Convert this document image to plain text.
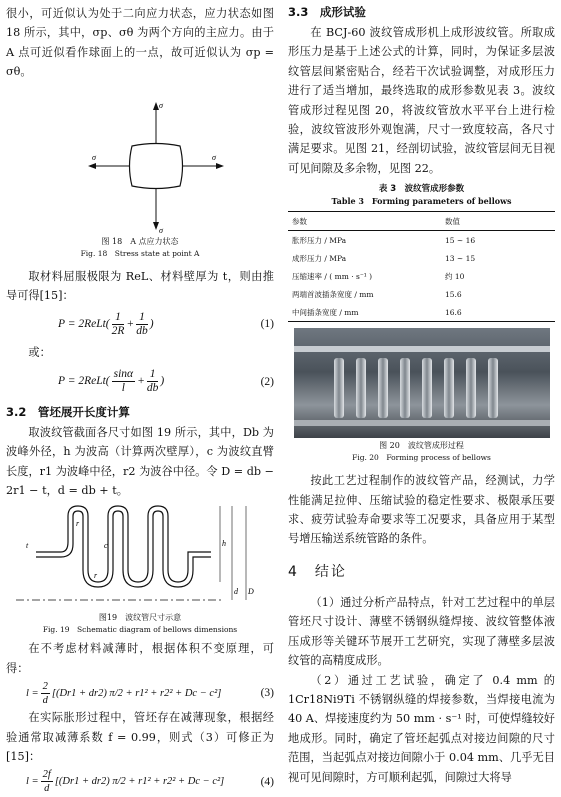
很小，可近似认为处于二向应力状态，应力状态如图 18 所示，其中，σp、σθ 为两个方向的主应力。由于 A 点可近似看作球面上的一点，故可近似认为 σp = σθ。

σ
σ
σ	σ
图 18　A 点应力状态
Fig. 18　Stress state at point A

取材料屈服极限为 ReL、材料壁厚为 t，则由推导可得[15]：

P = 2ReLt( $\frac{1}{2R} + \frac{1}{db}$ )	(1)

或：

P = 2ReLt( $\frac{\sin\alpha}{l} + \frac{1}{db}$ )	(2)
3.2　管坯展开长度计算

取波纹管截面各尺寸如图 19 所示，其中，Db 为波峰外径，h 为波高（计算两次壁厚），c 为波纹直臂长度，r1 为波峰中径，r2 为波谷中径。令 D = db − 2r1 − t，d = db + t。

t
r
c
r
h
d D
图19　波纹管尺寸示意
Fig. 19　Schematic diagram of bellows dimensions

在不考虑材料减薄时，根据体积不变原理，可得：

$l = \frac{2}{d} [(Dr1 + dr2) \pi/2 + r1^2 + r2^2 + Dc - c^2]$	(3)

在实际胀形过程中，管坯存在减薄现象，根据经验通常取减薄系数 f = 0.99，则式（3）可修正为[15]：

$l = \frac{2f}{d} [(Dr1 + dr2) \pi/2 + r1^2 + r2^2 + Dc - c^2]$	(4)
3.3　成形试验

在 BCJ-60 波纹管成形机上成形波纹管。所取成形压力是基于上述公式的计算，同时，为保证多层波纹管层间紧密贴合，经若干次试验调整，对成形压力进行了适当增加，最终选取的成形参数见表 3。波纹管成形过程见图 20，将波纹管放水平平台上进行检验，波纹管波形外观饱满，尺寸一致度较高，各尺寸满足要求。见图 21，经剖切试验，波纹管层间无目视可见间隙及多余物，见图 22。

表 3　波纹管成形参数
Table 3　Forming parameters of bellows
参数	数值
胀形压力 / MPa	15 ~ 16
成形压力 / MPa	13 ~ 15
压缩速率 / ( mm · s⁻¹ )	约 10
两端首波插条宽度 / mm	15.6
中间插条宽度 / mm	16.6
图 20　波纹管成形过程
Fig. 20　Forming process of bellows

按此工艺过程制作的波纹管产品，经测试，力学性能满足拉伸、压缩试验的稳定性要求、极限承压要求、疲劳试验寿命要求等工况要求，具备应用于某型号增压输送系统管路的条件。

4　结论

（1）通过分析产品特点，针对工艺过程中的单层管坯尺寸设计、薄壁不锈钢纵缝焊接、波纹管整体液压成形等关键环节展开工艺研究，实现了薄壁多层波纹管的高精度成形。

（2）通过工艺试验，确定了 0.4 mm 的 1Cr18Ni9Ti 不锈钢纵缝的焊接参数，当焊接电流为 40 A、焊接速度约为 50 mm · s⁻¹ 时，可使焊缝较好地成形。同时，确定了管坯起弧点对接边间隙的尺寸范围，当起弧点对接边间隙小于 0.04 mm、几乎无目视可见间隙时，方可顺利起弧，间隙过大将导
